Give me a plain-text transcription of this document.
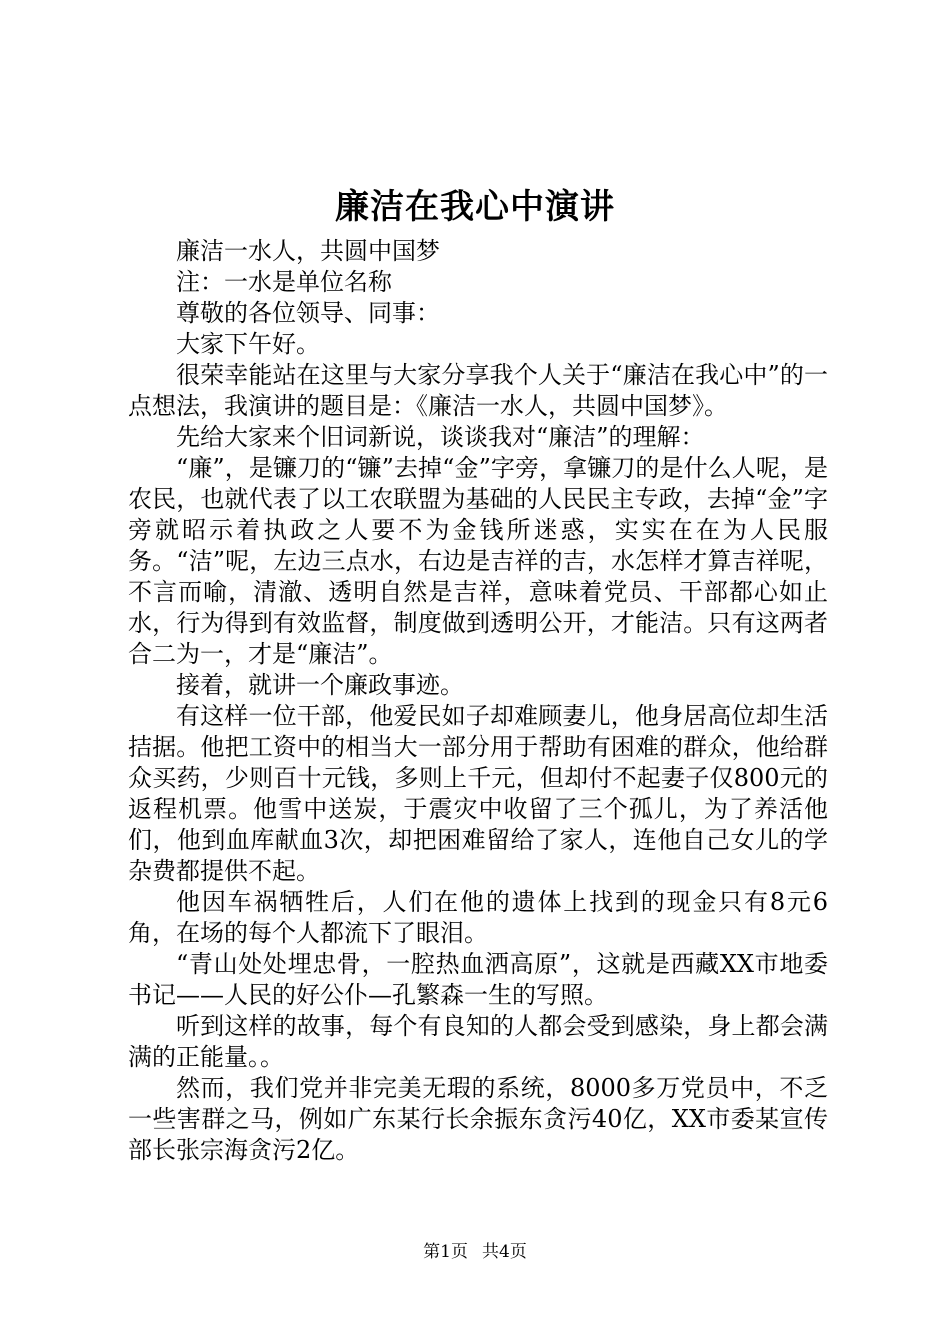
廉洁在我心中演讲

廉洁一水人，共圆中国梦

注：一水是单位名称

尊敬的各位领导、同事：

大家下午好。

很荣幸能站在这里与大家分享我个人关于“廉洁在我心中”的一点想法，我演讲的题目是：《廉洁一水人，共圆中国梦》。

先给大家来个旧词新说，谈谈我对“廉洁”的理解：

“廉”，是镰刀的“镰”去掉“金”字旁，拿镰刀的是什么人呢，是农民，也就代表了以工农联盟为基础的人民民主专政，去掉“金”字旁就昭示着执政之人要不为金钱所迷惑，实实在在为人民服务。“洁”呢，左边三点水，右边是吉祥的吉，水怎样才算吉祥呢，不言而喻，清澈、透明自然是吉祥，意味着党员、干部都心如止水，行为得到有效监督，制度做到透明公开，才能洁。只有这两者合二为一，才是“廉洁”。

接着，就讲一个廉政事迹。

有这样一位干部，他爱民如子却难顾妻儿，他身居高位却生活拮据。他把工资中的相当大一部分用于帮助有困难的群众，他给群众买药，少则百十元钱，多则上千元，但却付不起妻子仅800元的返程机票。他雪中送炭，于震灾中收留了三个孤儿，为了养活他们，他到血库献血3次，却把困难留给了家人，连他自己女儿的学杂费都提供不起。

他因车祸牺牲后，人们在他的遗体上找到的现金只有8元6角，在场的每个人都流下了眼泪。

“青山处处埋忠骨，一腔热血洒高原”，这就是西藏XX市地委书记——人民的好公仆—孔繁森一生的写照。

听到这样的故事，每个有良知的人都会受到感染，身上都会满满的正能量。。

然而，我们党并非完美无瑕的系统，8000多万党员中，不乏一些害群之马，例如广东某行长余振东贪污40亿，XX市委某宣传部长张宗海贪污2亿。

第1页 共4页
